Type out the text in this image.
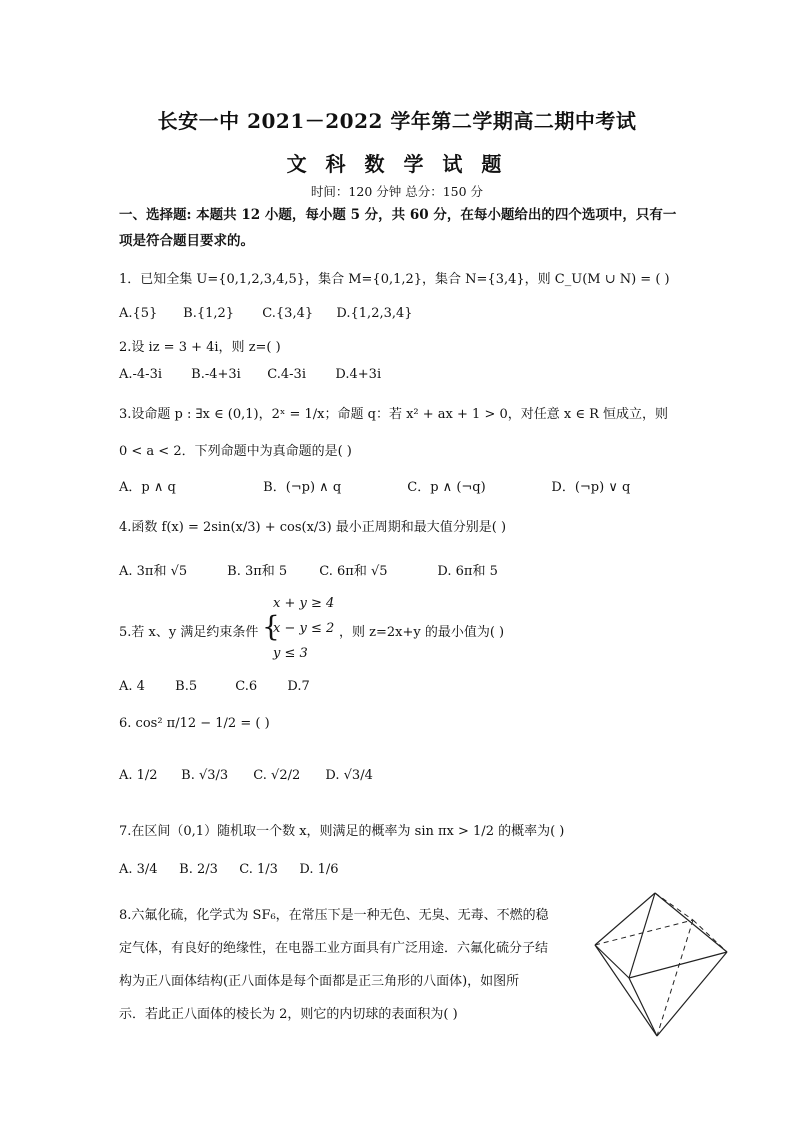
长安一中 2021－2022 学年第二学期高二期中考试
文 科 数 学 试 题
时间：120 分钟 总分：150 分
一、选择题: 本题共 12 小题，每小题 5 分，共 60 分，在每小题给出的四个选项中，只有一
项是符合题目要求的。
1．已知全集 U={0,1,2,3,4,5}，集合 M={0,1,2}，集合 N={3,4}，则 C_U(M ∪ N) = ( )
A.{5} B.{1,2} C.{3,4} D.{1,2,3,4}
2.设 iz = 3 + 4i，则 z=( )
A.-4-3i B.-4+3i C.4-3i D.4+3i
3.设命题 p : ∃x ∈ (0,1)，2ˣ = 1/x；命题 q：若 x² + ax + 1 > 0，对任意 x ∈ R 恒成立，则
0 < a < 2．下列命题中为真命题的是( )
A．p ∧ q	B．(¬p) ∧ q	C．p ∧ (¬q)	D．(¬p) ∨ q
4.函数 f(x) = 2sin(x/3) + cos(x/3) 最小正周期和最大值分别是( )
A. 3π和 √5	B. 3π和 5 C. 6π和 √5	D. 6π和 5
5.若 x、y 满足约束条件 {
x + y ≥ 4
x − y ≤ 2
y ≤ 3
，则 z=2x+y 的最小值为( )
A. 4 B.5	C.6 D.7
6. cos² π/12 − 1/2 = ( )
A. 1/2 B. √3/3 C. √2/2 D. √3/4
7.在区间（0,1）随机取一个数 x，则满足的概率为 sin πx > 1/2 的概率为( )
A. 3/4 B. 2/3 C. 1/3 D. 1/6
8.六氟化硫，化学式为 SF₆，在常压下是一种无色、无臭、无毒、不燃的稳
定气体，有良好的绝缘性，在电器工业方面具有广泛用途．六氟化硫分子结
构为正八面体结构(正八面体是每个面都是正三角形的八面体)，如图所
示．若此正八面体的棱长为 2，则它的内切球的表面积为( )
